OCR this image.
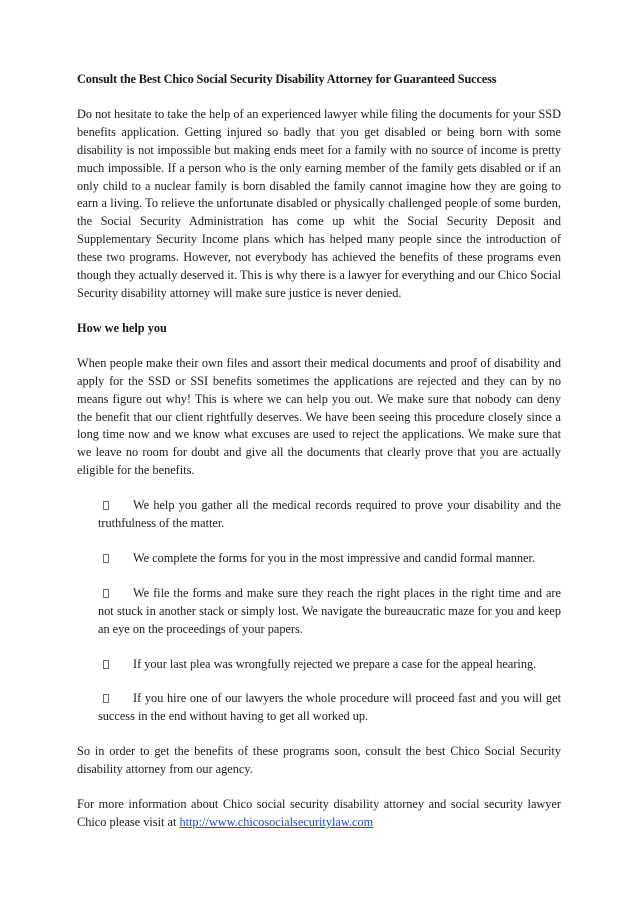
Consult the Best Chico Social Security Disability Attorney for Guaranteed Success

Do not hesitate to take the help of an experienced lawyer while filing the documents for your SSD benefits application. Getting injured so badly that you get disabled or being born with some disability is not impossible but making ends meet for a family with no source of income is pretty much impossible. If a person who is the only earning member of the family gets disabled or if an only child to a nuclear family is born disabled the family cannot imagine how they are going to earn a living. To relieve the unfortunate disabled or physically challenged people of some burden, the Social Security Administration has come up whit the Social Security Deposit and Supplementary Security Income plans which has helped many people since the introduction of these two programs. However, not everybody has achieved the benefits of these programs even though they actually deserved it. This is why there is a lawyer for everything and our Chico Social Security disability attorney will make sure justice is never denied.

How we help you

When people make their own files and assort their medical documents and proof of disability and apply for the SSD or SSI benefits sometimes the applications are rejected and they can by no means figure out why! This is where we can help you out. We make sure that nobody can deny the benefit that our client rightfully deserves. We have been seeing this procedure closely since a long time now and we know what excuses are used to reject the applications. We make sure that we leave no room for doubt and give all the documents that clearly prove that you are actually eligible for the benefits.

We help you gather all the medical records required to prove your disability and the truthfulness of the matter.
We complete the forms for you in the most impressive and candid formal manner.
We file the forms and make sure they reach the right places in the right time and are not stuck in another stack or simply lost. We navigate the bureaucratic maze for you and keep an eye on the proceedings of your papers.
If your last plea was wrongfully rejected we prepare a case for the appeal hearing.
If you hire one of our lawyers the whole procedure will proceed fast and you will get success in the end without having to get all worked up.

So in order to get the benefits of these programs soon, consult the best Chico Social Security disability attorney from our agency.

For more information about Chico social security disability attorney and social security lawyer Chico please visit at http://www.chicosocialsecuritylaw.com
